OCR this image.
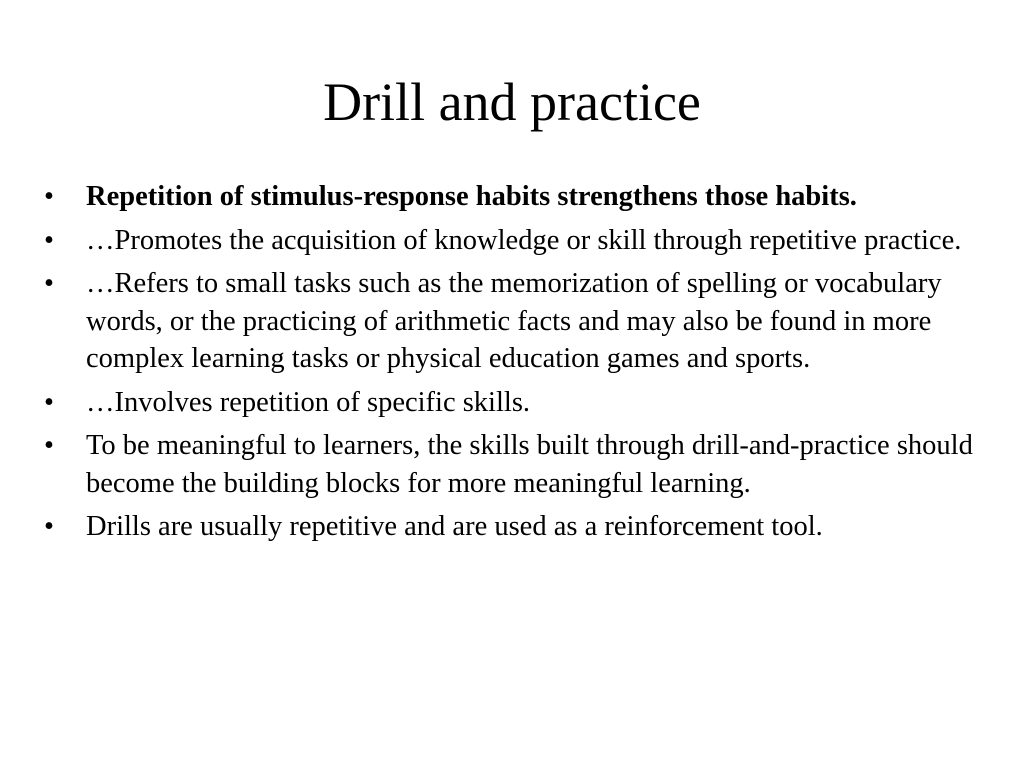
Drill and practice
•	Repetition of stimulus-response habits strengthens those habits.
•	…Promotes the acquisition of knowledge or skill through repetitive practice.
•	…Refers to small tasks such as the memorization of spelling or vocabulary words, or the practicing of arithmetic facts and may also be found in more complex learning tasks or physical education games and sports.
•	…Involves repetition of specific skills.
•	To be meaningful to learners, the skills built through drill-and-practice should become the building blocks for more meaningful learning.
•	Drills are usually repetitive and are used as a reinforcement tool.
